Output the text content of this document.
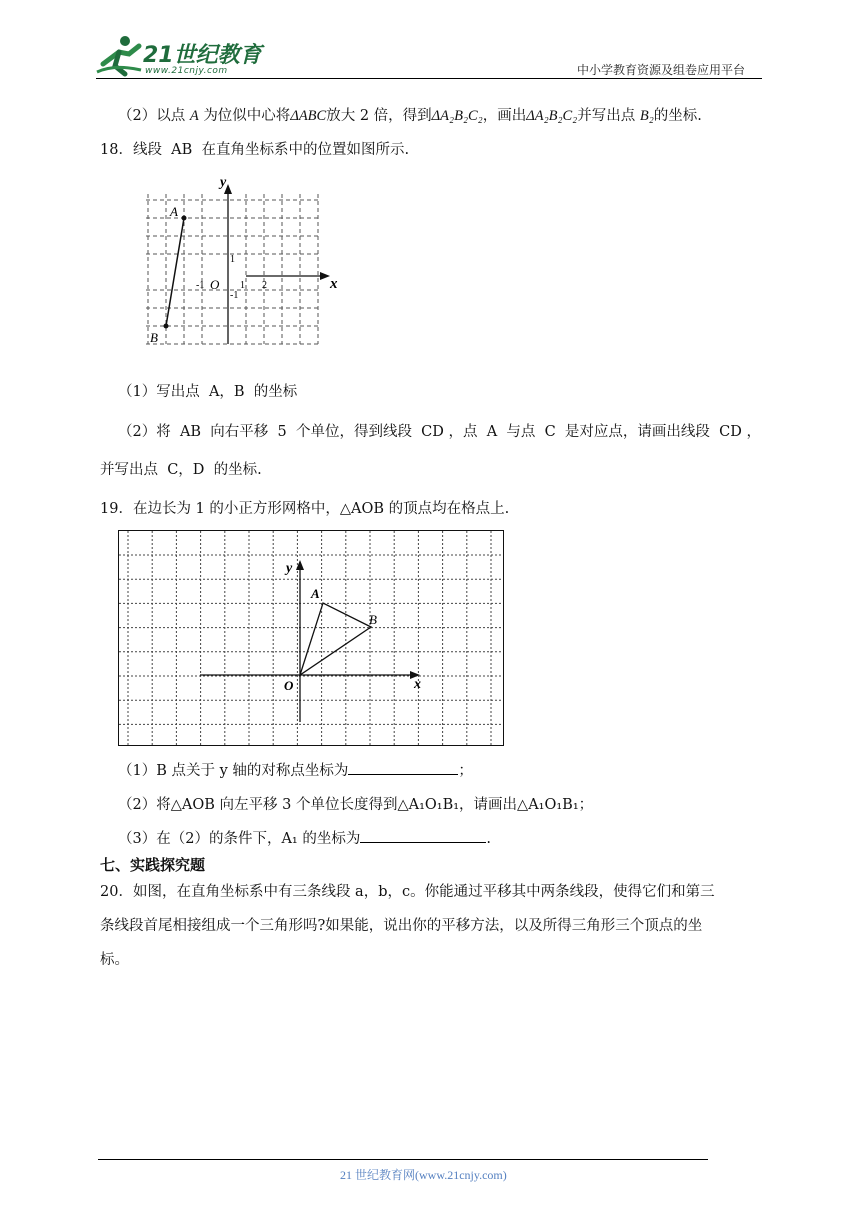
21世纪教育
www.21cnjy.com	中小学教育资源及组卷应用平台
（2）以点 A 为位似中心将ΔABC放大 2 倍，得到ΔA₂B₂C₂，画出ΔA₂B₂C₂并写出点 B₂的坐标.
18．线段  AB  在直角坐标系中的位置如图所示.
y
x
A
B
O
-1	1 2
1
-1
（1）写出点  A，B  的坐标
（2）将  AB  向右平移  5  个单位，得到线段  CD ，点  A  与点  C  是对应点，请画出线段  CD ，
并写出点  C，D  的坐标.
19．在边长为 1 的小正方形网格中，△AOB 的顶点均在格点上.
y
x
O
A
B
（1）B 点关于 y 轴的对称点坐标为	；
（2）将△AOB 向左平移 3 个单位长度得到△A₁O₁B₁，请画出△A₁O₁B₁；
（3）在（2）的条件下，A₁ 的坐标为	.
七、实践探究题
20．如图，在直角坐标系中有三条线段 a，b，c。你能通过平移其中两条线段，使得它们和第三
条线段首尾相接组成一个三角形吗?如果能，说出你的平移方法，以及所得三角形三个顶点的坐
标。
21 世纪教育网(www.21cnjy.com)
